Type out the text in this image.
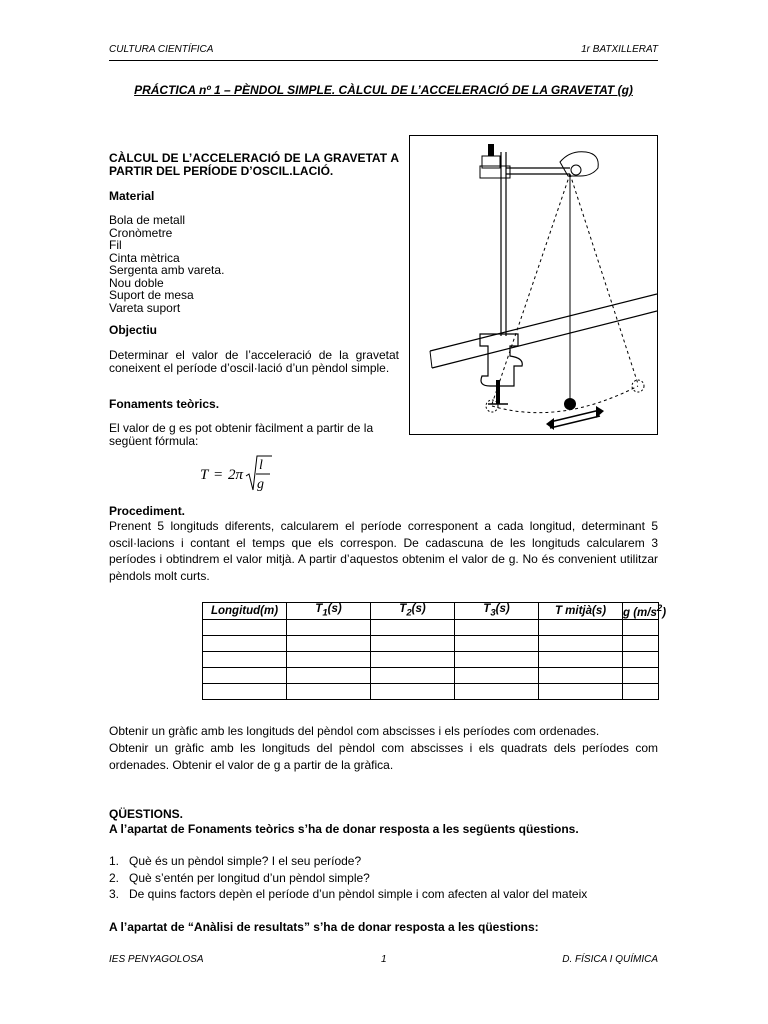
CULTURA CIENTÍFICA	1r BATXILLERAT
PRÁCTICA nº 1 – PÈNDOL SIMPLE. CÀLCUL DE L’ACCELERACIÓ DE LA GRAVETAT (g)
CÀLCUL DE L’ACCELERACIÓ DE LA GRAVETAT A PARTIR DEL PERÍODE D’OSCIL.LACIÓ.
Material
Bola de metall
Cronòmetre
Fil
Cinta mètrica
Sergenta amb vareta.
Nou doble
Suport de mesa
Vareta suport
Objectiu
Determinar el valor de l’acceleració de la gravetat coneixent el període d’oscil·lació d’un pèndol simple.
Fonaments teòrics.
El valor de g es pot obtenir fàcilment a partir de la següent fórmula:
T = 2π
l
g
Procediment.
Prenent 5 longituds diferents, calcularem el període corresponent a cada longitud, determinant 5 oscil·lacions i contant el temps que els correspon. De cadascuna de les longituds calcularem 3 períodes i obtindrem el valor mitjà. A partir d’aquestos obtenim el valor de g. No és convenient utilitzar pèndols molt curts.
Longitud(m)	$T_1(s)$	$T_2(s)$	$T_3(s)$	T mitjà(s)	g $(m/s^2)$

Obtenir un gràfic amb les longituds del pèndol com abscisses i els períodes com ordenades.
Obtenir un gràfic amb les longituds del pèndol com abscisses i els quadrats dels períodes com ordenades. Obtenir el valor de g a partir de la gràfica.
QÜESTIONS.
A l’apartat de Fonaments teòrics s’ha de donar resposta a les següents qüestions.
1. Què és un pèndol simple? I el seu període?
2. Què s’entén per longitud d’un pèndol simple?
3. De quins factors depèn el període d’un pèndol simple i com afecten al valor del mateix
A l’apartat de “Anàlisi de resultats” s’ha de donar resposta a les qüestions:
IES PENYAGOLOSA	1	D. FÍSICA I QUÍMICA
